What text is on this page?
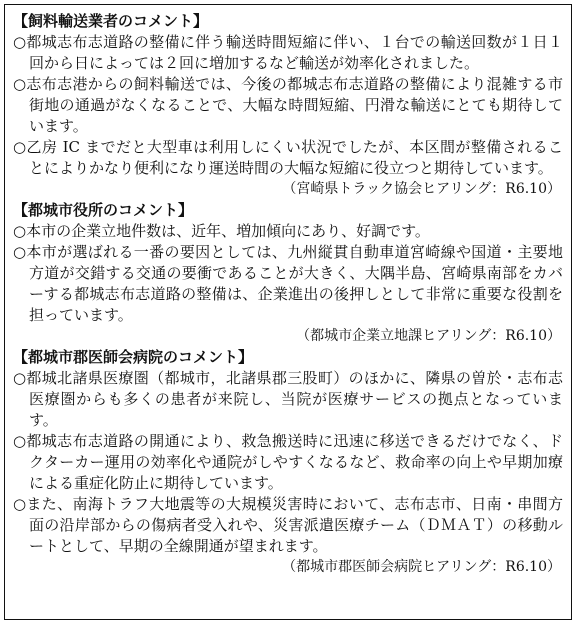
【飼料輸送業者のコメント】

○都城志布志道路の整備に伴う輸送時間短縮に伴い、１台での輸送回数が１日１回から日によっては２回に増加するなど輸送が効率化されました。

○志布志港からの飼料輸送では、今後の都城志布志道路の整備により混雑する市街地の通過がなくなることで、大幅な時間短縮、円滑な輸送にとても期待しています。

○乙房 IC までだと大型車は利用しにくい状況でしたが、本区間が整備されることによりかなり便利になり運送時間の大幅な短縮に役立つと期待しています。

（宮崎県トラック協会ヒアリング：R6.10）

【都城市役所のコメント】

○本市の企業立地件数は、近年、増加傾向にあり、好調です。

○本市が選ばれる一番の要因としては、九州縦貫自動車道宮崎線や国道・主要地方道が交錯する交通の要衝であることが大きく、大隅半島、宮崎県南部をカバーする都城志布志道路の整備は、企業進出の後押しとして非常に重要な役割を担っています。

（都城市企業立地課ヒアリング：R6.10）

【都城市郡医師会病院のコメント】

○都城北諸県医療圏（都城市，北諸県郡三股町）のほかに、隣県の曽於・志布志医療圏からも多くの患者が来院し、当院が医療サービスの拠点となっています。

○都城志布志道路の開通により、救急搬送時に迅速に移送できるだけでなく、ドクターカー運用の効率化や通院がしやすくなるなど、救命率の向上や早期加療による重症化防止に期待しています。

○また、南海トラフ大地震等の大規模災害時において、志布志市、日南・串間方面の沿岸部からの傷病者受入れや、災害派遣医療チーム（ＤＭＡＴ）の移動ルートとして、早期の全線開通が望まれます。

（都城市郡医師会病院ヒアリング：R6.10）
